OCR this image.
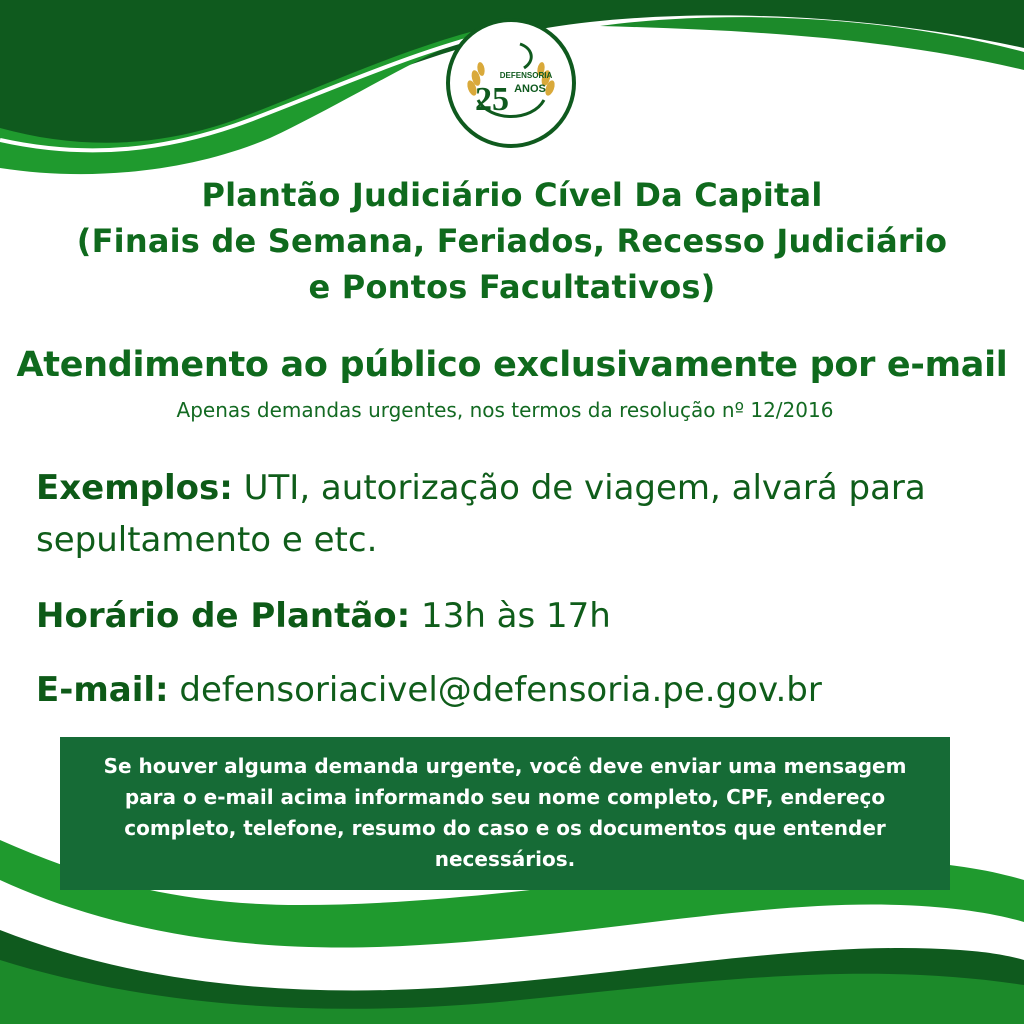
DEFENSORIA
25 ANOS
Plantão Judiciário Cível Da Capital
(Finais de Semana, Feriados, Recesso Judiciário
e Pontos Facultativos)
Atendimento ao público exclusivamente por e-mail
Apenas demandas urgentes, nos termos da resolução nº 12/2016
Exemplos: UTI, autorização de viagem, alvará para sepultamento e etc.
Horário de Plantão: 13h às 17h
E-mail: defensoriacivel@defensoria.pe.gov.br
Se houver alguma demanda urgente, você deve enviar uma mensagem para o e-mail acima informando seu nome completo, CPF, endereço completo, telefone, resumo do caso e os documentos que entender necessários.
